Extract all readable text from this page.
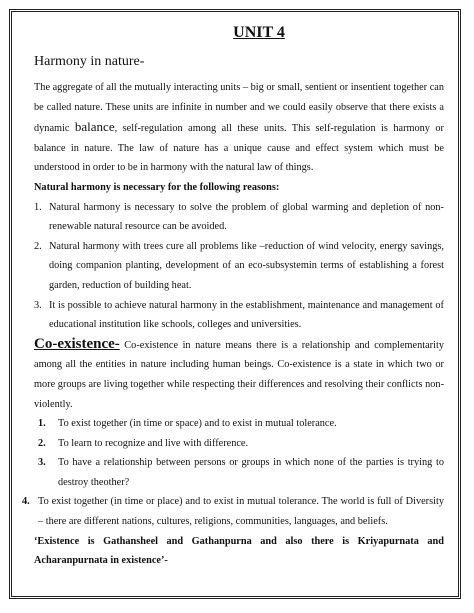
UNIT 4
Harmony in nature-

The aggregate of all the mutually interacting units – big or small, sentient or insentient together can be called nature. These units are infinite in number and we could easily observe that there exists a dynamic balance, self-regulation among all these units. This self-regulation is harmony or balance in nature. The law of nature has a unique cause and effect system which must be understood in order to be in harmony with the natural law of things.

Natural harmony is necessary for the following reasons:

1. Natural harmony is necessary to solve the problem of global warming and depletion of non-renewable natural resource can be avoided.
2. Natural harmony with trees cure all problems like –reduction of wind velocity, energy savings, doing companion planting, development of an eco-subsystemin terms of establishing a forest garden, reduction of building heat.
3. It is possible to achieve natural harmony in the establishment, maintenance and management of educational institution like schools, colleges and universities.

Co-existence- Co-existence in nature means there is a relationship and complementarity among all the entities in nature including human beings. Co-existence is a state in which two or more groups are living together while respecting their differences and resolving their conflicts non-violently.

1. To exist together (in time or space) and to exist in mutual tolerance.
2. To learn to recognize and live with difference.
3. To have a relationship between persons or groups in which none of the parties is trying to destroy theother?
4. To exist together (in time or place) and to exist in mutual tolerance. The world is full of Diversity – there are different nations, cultures, religions, communities, languages, and beliefs.

‘Existence is Gathansheel and Gathanpurna and also there is Kriyapurnata and Acharanpurnata in existence’-
